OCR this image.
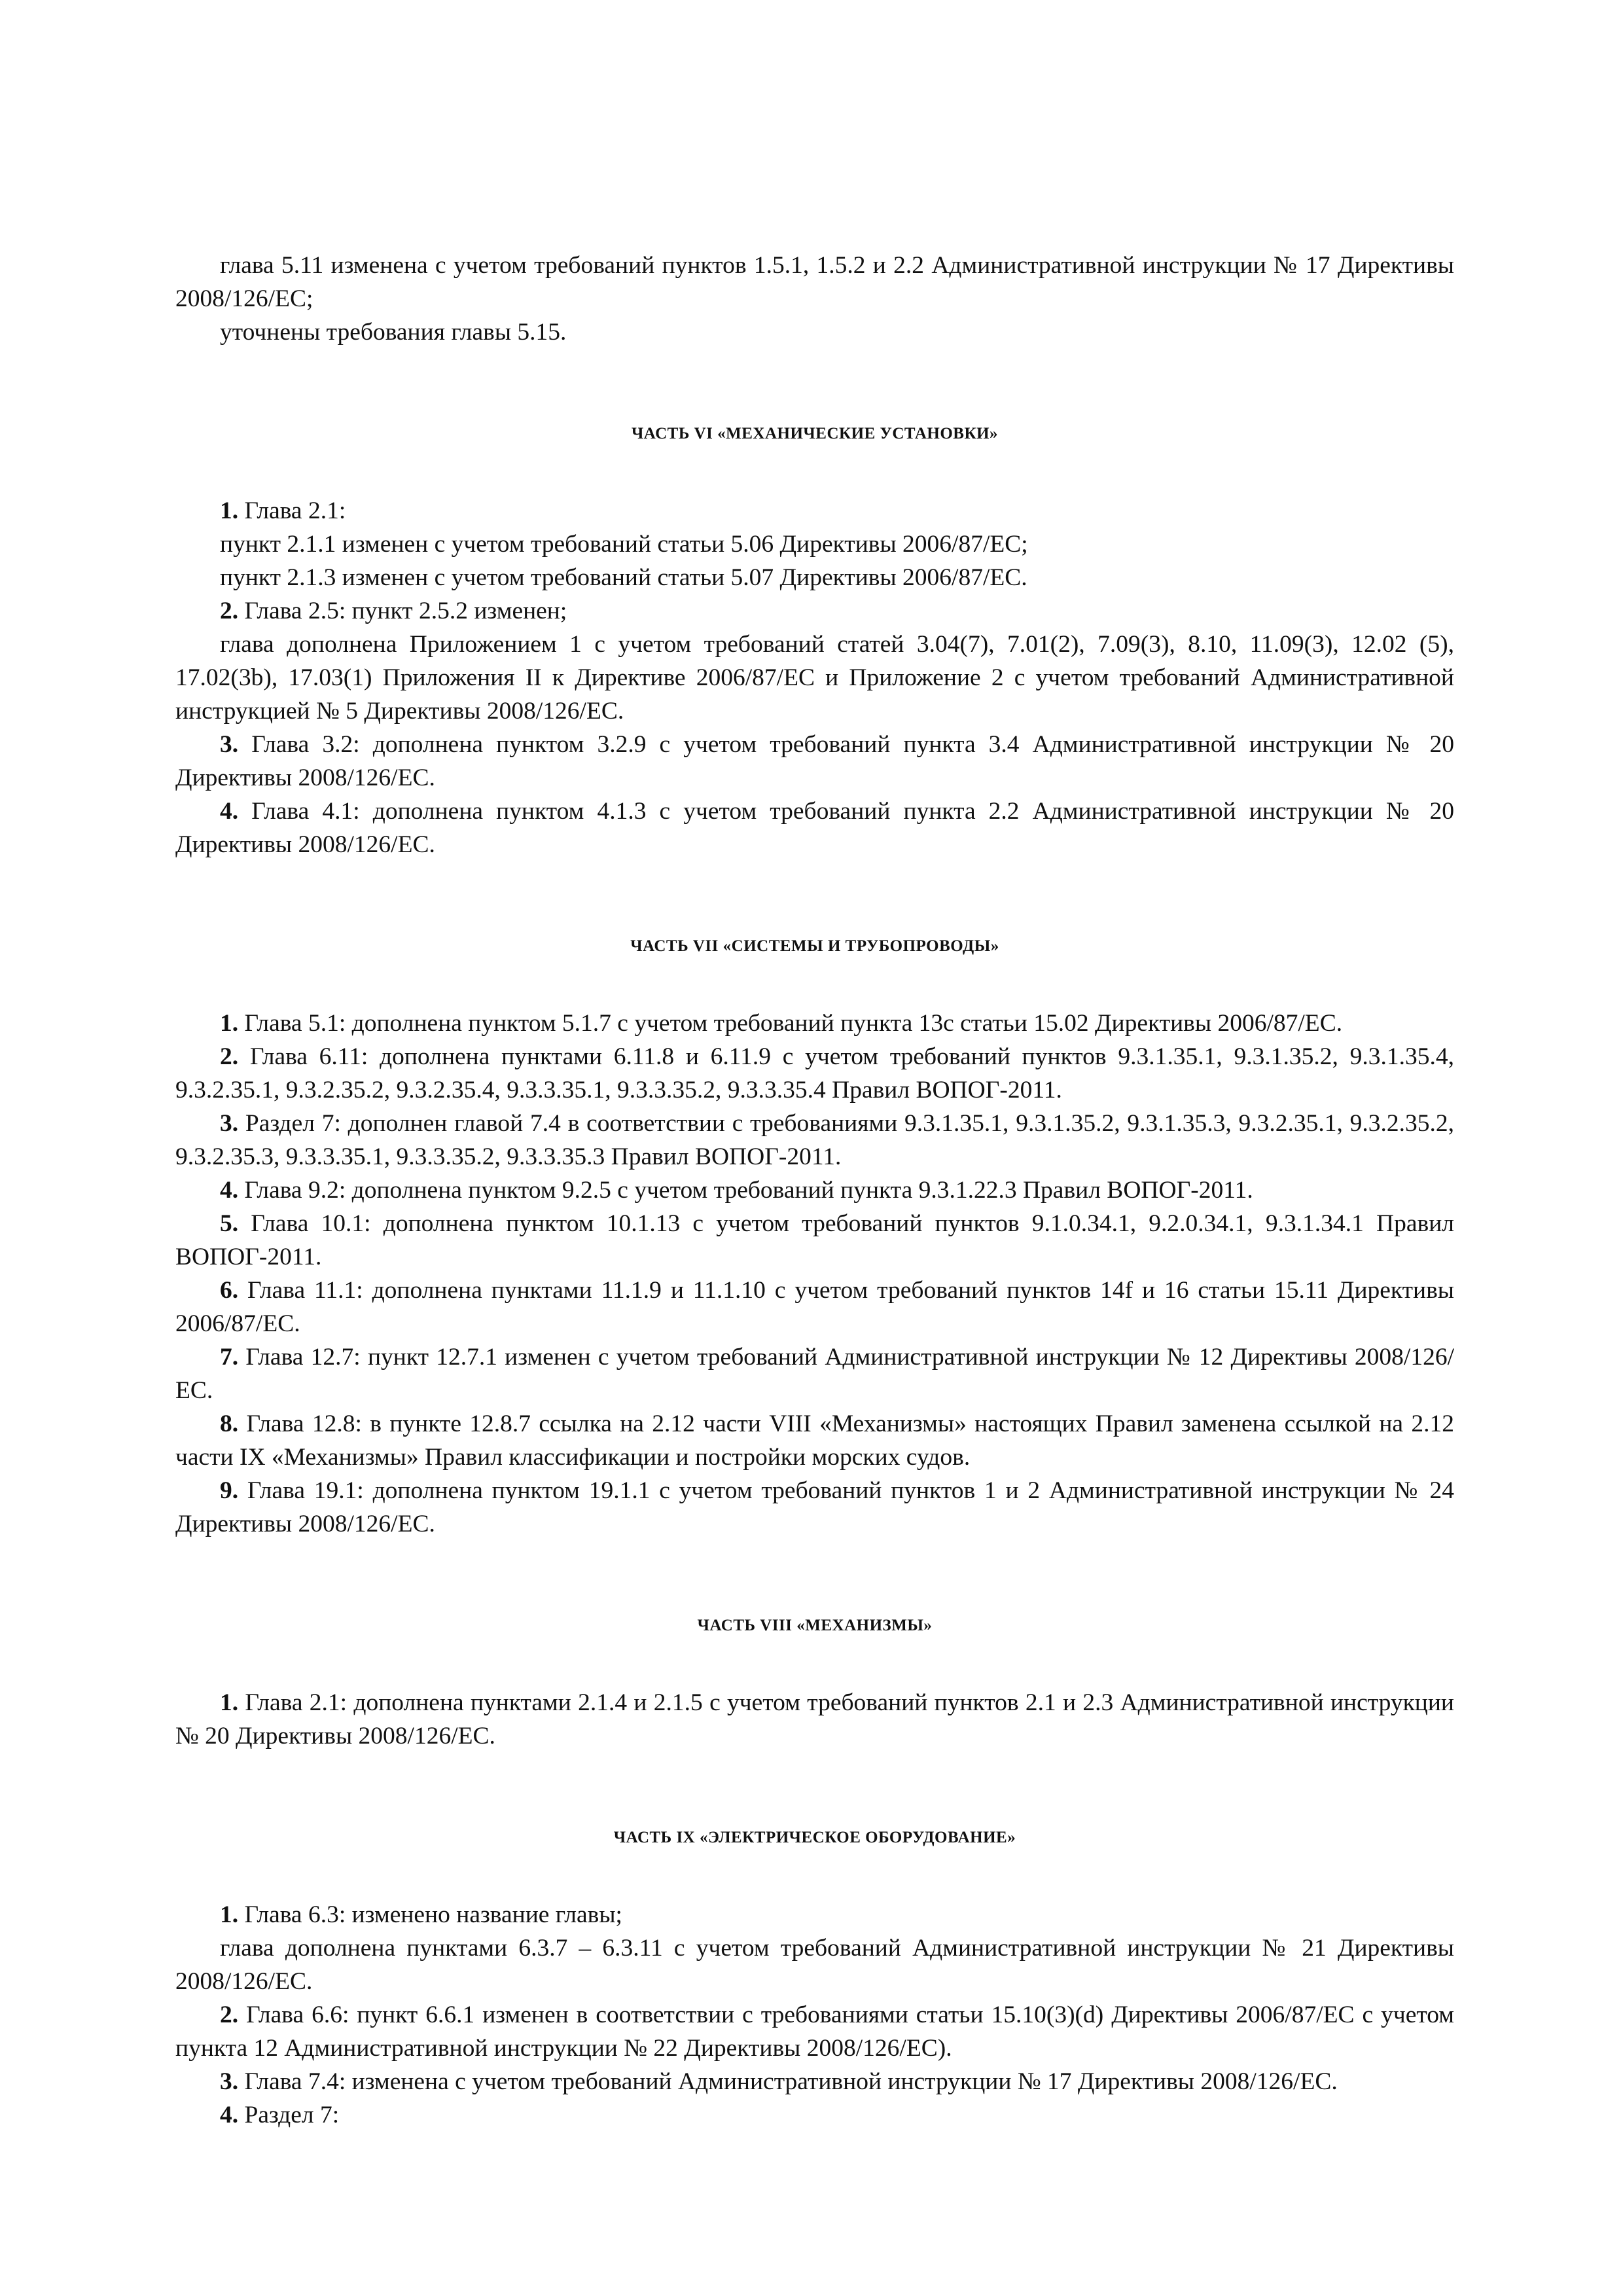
глава 5.11 изменена с учетом требований пунктов 1.5.1, 1.5.2 и 2.2 Административной инструкции № 17 Директивы 2008/126/ЕС;

уточнены требования главы 5.15.

ЧАСТЬ VI «МЕХАНИЧЕСКИЕ УСТАНОВКИ»

1. Глава 2.1:

пункт 2.1.1 изменен с учетом требований статьи 5.06 Директивы 2006/87/ЕС;

пункт 2.1.3 изменен с учетом требований статьи 5.07 Директивы 2006/87/ЕС.

2. Глава 2.5: пункт 2.5.2 изменен;

глава дополнена Приложением 1 с учетом требований статей 3.04(7), 7.01(2), 7.09(3), 8.10, 11.09(3), 12.02 (5), 17.02(3b), 17.03(1) Приложения II к Директиве 2006/87/ЕС и Приложение 2 с учетом требований Административной инструкцией № 5 Директивы 2008/126/ЕС.

3. Глава 3.2: дополнена пунктом 3.2.9 с учетом требований пункта 3.4 Административной инструкции № 20 Директивы 2008/126/ЕС.

4. Глава 4.1: дополнена пунктом 4.1.3 с учетом требований пункта 2.2 Административной инструкции № 20 Директивы 2008/126/ЕС.

ЧАСТЬ VII «СИСТЕМЫ И ТРУБОПРОВОДЫ»

1. Глава 5.1: дополнена пунктом 5.1.7 с учетом требований пункта 13с статьи 15.02 Директивы 2006/87/ЕС.

2. Глава 6.11: дополнена пунктами 6.11.8 и 6.11.9 с учетом требований пунктов 9.3.1.35.1, 9.3.1.35.2, 9.3.1.35.4, 9.3.2.35.1, 9.3.2.35.2, 9.3.2.35.4, 9.3.3.35.1, 9.3.3.35.2, 9.3.3.35.4 Правил ВОПОГ-2011.

3. Раздел 7: дополнен главой 7.4 в соответствии с требованиями 9.3.1.35.1, 9.3.1.35.2, 9.3.1.35.3, 9.3.2.35.1, 9.3.2.35.2, 9.3.2.35.3, 9.3.3.35.1, 9.3.3.35.2, 9.3.3.35.3 Правил ВОПОГ-2011.

4. Глава 9.2: дополнена пунктом 9.2.5 с учетом требований пункта 9.3.1.22.3 Правил ВОПОГ-2011.

5. Глава 10.1: дополнена пунктом 10.1.13 с учетом требований пунктов 9.1.0.34.1, 9.2.0.34.1, 9.3.1.34.1 Правил ВОПОГ-2011.

6. Глава 11.1: дополнена пунктами 11.1.9 и 11.1.10 с учетом требований пунктов 14f и 16 статьи 15.11 Директивы 2006/87/ЕС.

7. Глава 12.7: пункт 12.7.1 изменен с учетом требований Административной инструкции № 12 Директивы 2008/126/ЕС.

8. Глава 12.8: в пункте 12.8.7 ссылка на 2.12 части VIII «Механизмы» настоящих Правил заменена ссылкой на 2.12 части IX «Механизмы» Правил классификации и постройки морских судов.

9. Глава 19.1: дополнена пунктом 19.1.1 с учетом требований пунктов 1 и 2 Административной инструкции № 24 Директивы 2008/126/ЕС.

ЧАСТЬ VIII «МЕХАНИЗМЫ»

1. Глава 2.1: дополнена пунктами 2.1.4 и 2.1.5 с учетом требований пунктов 2.1 и 2.3 Административной инструкции № 20 Директивы 2008/126/ЕС.

ЧАСТЬ IX «ЭЛЕКТРИЧЕСКОЕ ОБОРУДОВАНИЕ»

1. Глава 6.3: изменено название главы;

глава дополнена пунктами 6.3.7 – 6.3.11 с учетом требований Административной инструкции № 21 Директивы 2008/126/ЕС.

2. Глава 6.6: пункт 6.6.1 изменен в соответствии с требованиями статьи 15.10(3)(d) Директивы 2006/87/ЕС с учетом пункта 12 Административной инструкции № 22 Директивы 2008/126/ЕС).

3. Глава 7.4: изменена с учетом требований Административной инструкции № 17 Директивы 2008/126/ЕС.

4. Раздел 7:
